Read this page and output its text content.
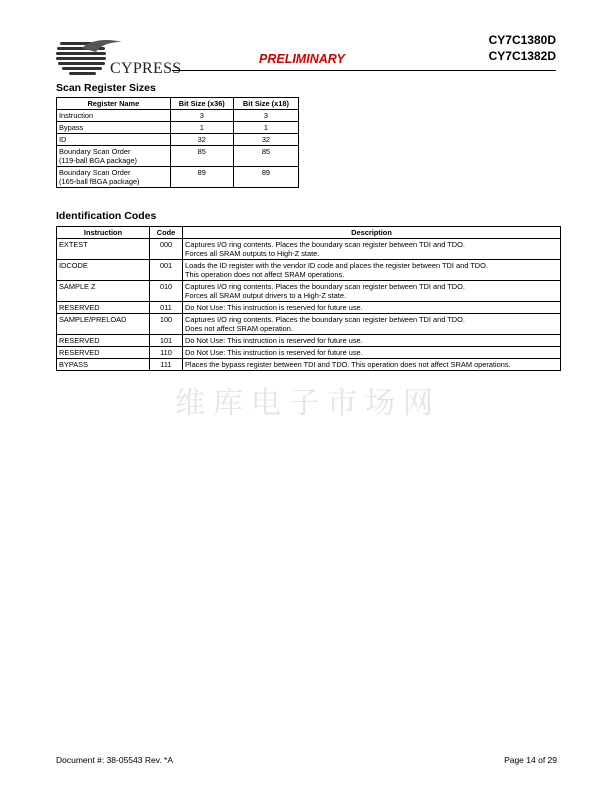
CYPRESS
PRELIMINARY
CY7C1380D
CY7C1382D
Scan Register Sizes
Register Name	Bit Size (x36)	Bit Size (x18)

Instruction	3	3

Bypass	1	1

ID	32	32

Boundary Scan Order
(119-ball BGA package)	85	85

Boundary Scan Order
(165-ball fBGA package)	89	89
Identification Codes
Instruction	Code	Description
EXTEST	000	Captures I/O ring contents. Places the boundary scan register between TDI and TDO.
Forces all SRAM outputs to High-Z state.

IDCODE	001	Loads the ID register with the vendor ID code and places the register between TDI and TDO.
This operation does not affect SRAM operations.

SAMPLE Z	010	Captures I/O ring contents. Places the boundary scan register between TDI and TDO.
Forces all SRAM output drivers to a High-Z state.

RESERVED	011	Do Not Use: This instruction is reserved for future use.

SAMPLE/PRELOAD	100	Captures I/O ring contents. Places the boundary scan register between TDI and TDO.
Does not affect SRAM operation.

RESERVED	101	Do Not Use: This instruction is reserved for future use.

RESERVED	110	Do Not Use: This instruction is reserved for future use.

BYPASS	111	Places the bypass register between TDI and TDO. This operation does not affect SRAM operations.
维库电子市场网
Document #: 38-05543 Rev. *A	Page 14 of 29
